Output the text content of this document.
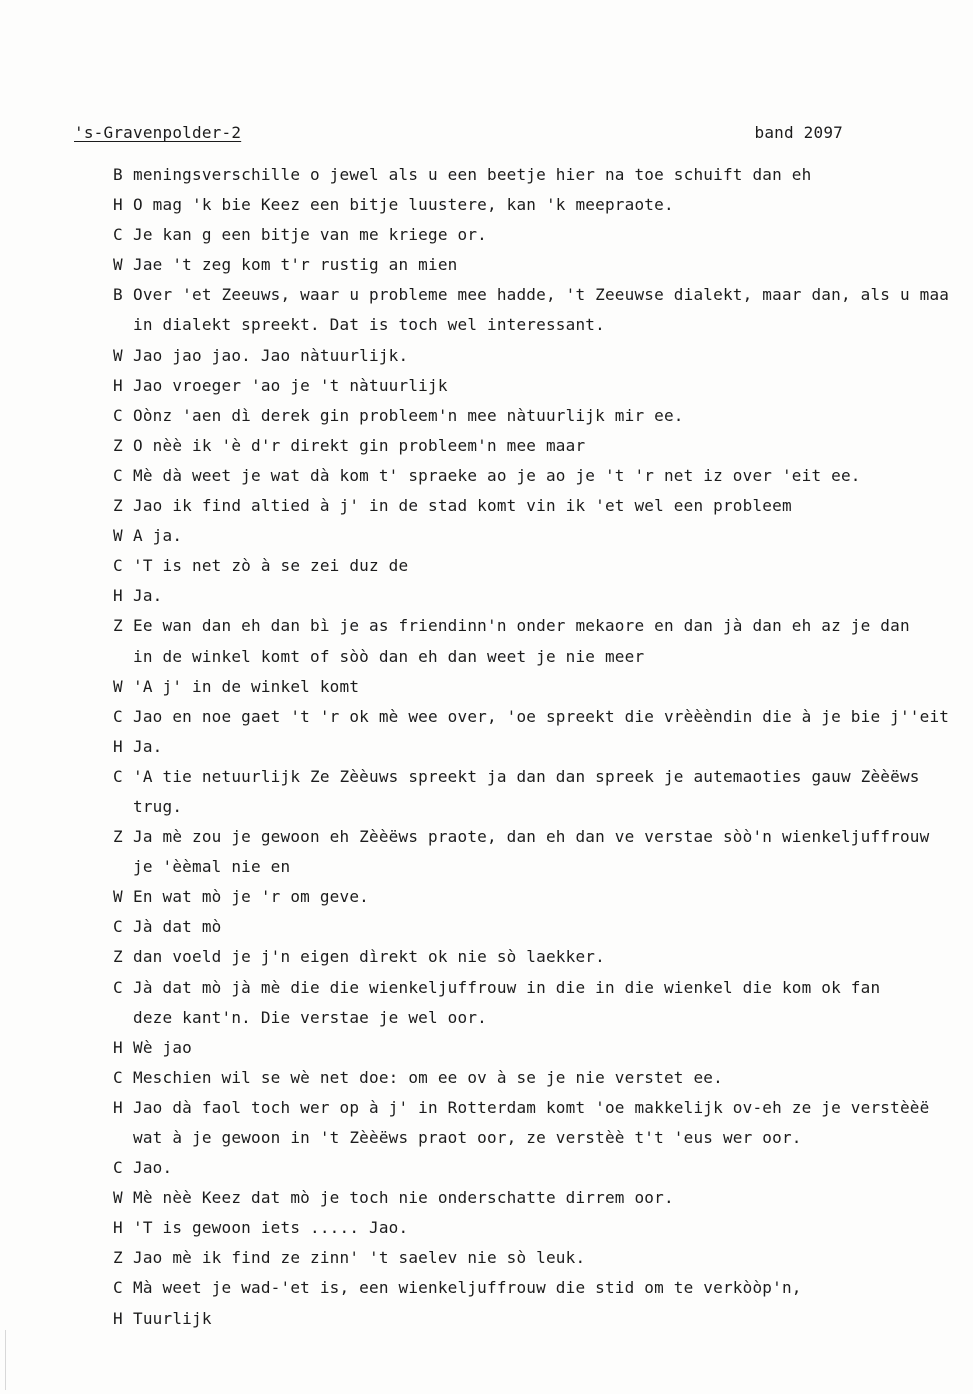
's-Gravenpolder-2	band 2097
B meningsverschille o jewel als u een beetje hier na toe schuift dan eh
H O mag 'k bie Keez een bitje luustere, kan 'k meepraote.
C Je kan g een bitje van me kriege or.
W Jae 't zeg kom t'r rustig an mien
B Over 'et Zeeuws, waar u probleme mee hadde, 't Zeeuwse dialekt, maar dan, als u maa
in dialekt spreekt. Dat is toch wel interessant.
W Jao jao jao. Jao nàtuurlijk.
H Jao vroeger 'ao je 't nàtuurlijk
C Oònz 'aen dì derek gin probleem'n mee nàtuurlijk mir ee.
Z O nèè ik 'è d'r direkt gin probleem'n mee maar
C Mè dà weet je wat dà kom t' spraeke ao je ao je 't 'r net iz over 'eit ee.
Z Jao ik find altied à j' in de stad komt vin ik 'et wel een probleem
W A ja.
C 'T is net zò à se zei duz de
H Ja.
Z Ee wan dan eh dan bì je as friendinn'n onder mekaore en dan jà dan eh az je dan
in de winkel komt of sòò dan eh dan weet je nie meer
W 'A j' in de winkel komt
C Jao en noe gaet 't 'r ok mè wee over, 'oe spreekt die vrèèèndin die à je bie j''eit
H Ja.
C 'A tie netuurlijk Ze Zèèuws spreekt ja dan dan spreek je autemaoties gauw Zèèëws
trug.
Z Ja mè zou je gewoon eh Zèèëws praote, dan eh dan ve verstae sòò'n wienkeljuffrouw
je 'èèmal nie en
W En wat mò je 'r om geve.
C Jà dat mò
Z dan voeld je j'n eigen dìrekt ok nie sò laekker.
C Jà dat mò jà mè die die wienkeljuffrouw in die in die wienkel die kom ok fan
deze kant'n. Die verstae je wel oor.
H Wè jao
C Meschien wil se wè net doe: om ee ov à se je nie verstet ee.
H Jao dà faol toch wer op à j' in Rotterdam komt 'oe makkelijk ov-eh ze je verstèèë
wat à je gewoon in 't Zèèëws praot oor, ze verstèè t't 'eus wer oor.
C Jao.
W Mè nèè Keez dat mò je toch nie onderschatte dirrem oor.
H 'T is gewoon iets ..... Jao.
Z Jao mè ik find ze zinn' 't saelev nie sò leuk.
C Mà weet je wad-'et is, een wienkeljuffrouw die stid om te verkòòp'n,
H Tuurlijk
